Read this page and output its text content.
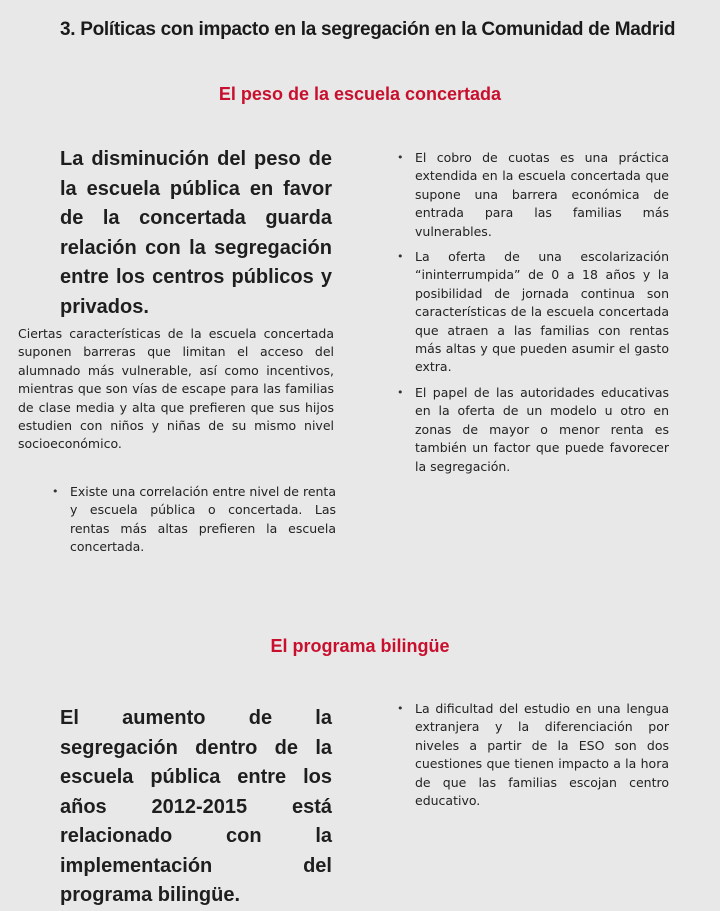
3. Políticas con impacto en la segregación en la Comunidad de Madrid
El peso de la escuela concertada
La disminución del peso de la escuela pública en favor de la concertada guarda relación con la segregación entre los centros públicos y privados.
Ciertas características de la escuela concertada suponen barreras que limitan el acceso del alumnado más vulnerable, así como incentivos, mientras que son vías de escape para las familias de clase media y alta que prefieren que sus hijos estudien con niños y niñas de su mismo nivel socioeconómico.
• Existe una correlación entre nivel de renta y escuela pública o concertada. Las rentas más altas prefieren la escuela concertada.
• El cobro de cuotas es una práctica extendida en la escuela concertada que supone una barrera económica de entrada para las familias más vulnerables.
• La oferta de una escolarización “ininterrumpida” de 0 a 18 años y la posibilidad de jornada continua son características de la escuela concertada que atraen a las familias con rentas más altas y que pueden asumir el gasto extra.
• El papel de las autoridades educativas en la oferta de un modelo u otro en zonas de mayor o menor renta es también un factor que puede favorecer la segregación.
El programa bilingüe
El aumento de la segregación dentro de la escuela pública entre los años 2012-2015 está relacionado con la implementación del programa bilingüe.
• La dificultad del estudio en una lengua extranjera y la diferenciación por niveles a partir de la ESO son dos cuestiones que tienen impacto a la hora de que las familias escojan centro educativo.
